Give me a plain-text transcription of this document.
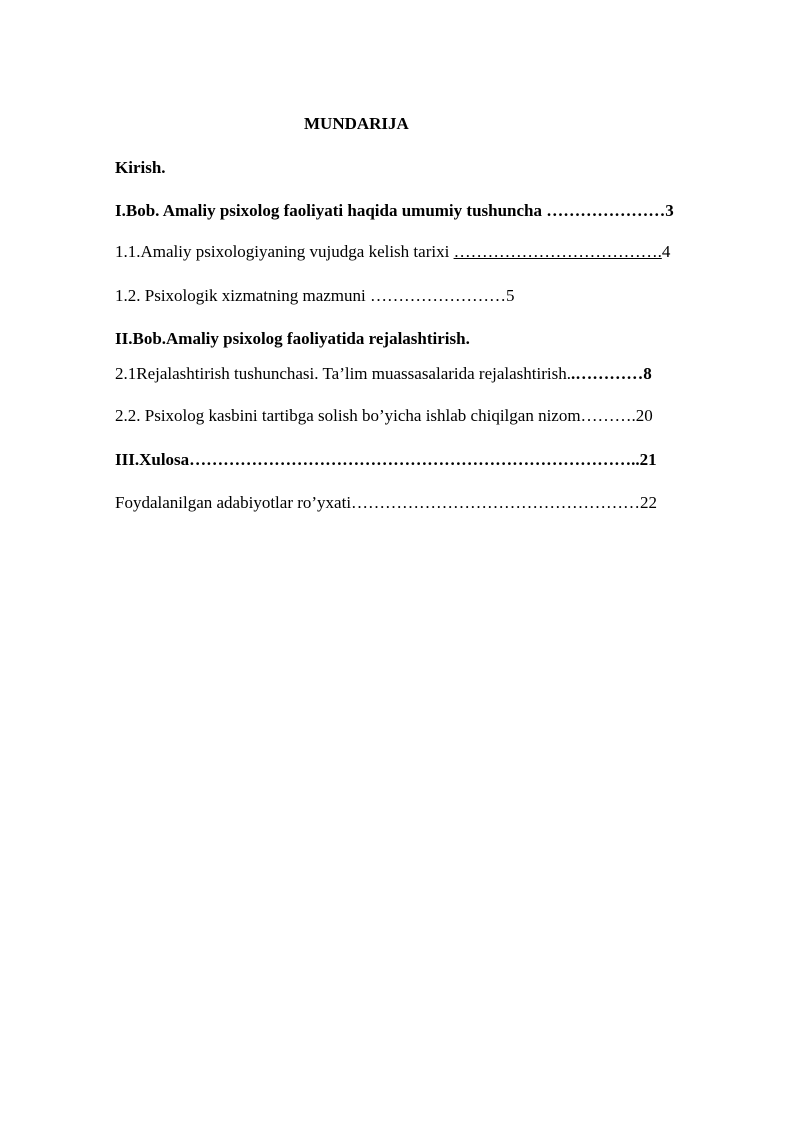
MUNDARIJA
Kirish.
I.Bob. Amaliy psixolog faoliyati haqida umumiy tushuncha …………………3
1.1.Amaliy psixologiyaning vujudga kelish tarixi ……………………………….4
1.2. Psixologik xizmatning mazmuni ……………………5
II.Bob.Amaliy psixolog faoliyatida rejalashtirish.
2.1Rejalashtirish tushunchasi. Ta’lim muassasalarida rejalashtirish..…………8
2.2. Psixolog kasbini tartibga solish bo’yicha ishlab chiqilgan nizom……….20
III.Xulosa……………………………………………………………………..21
Foydalanilgan adabiyotlar ro’yxati……………………………………………22
